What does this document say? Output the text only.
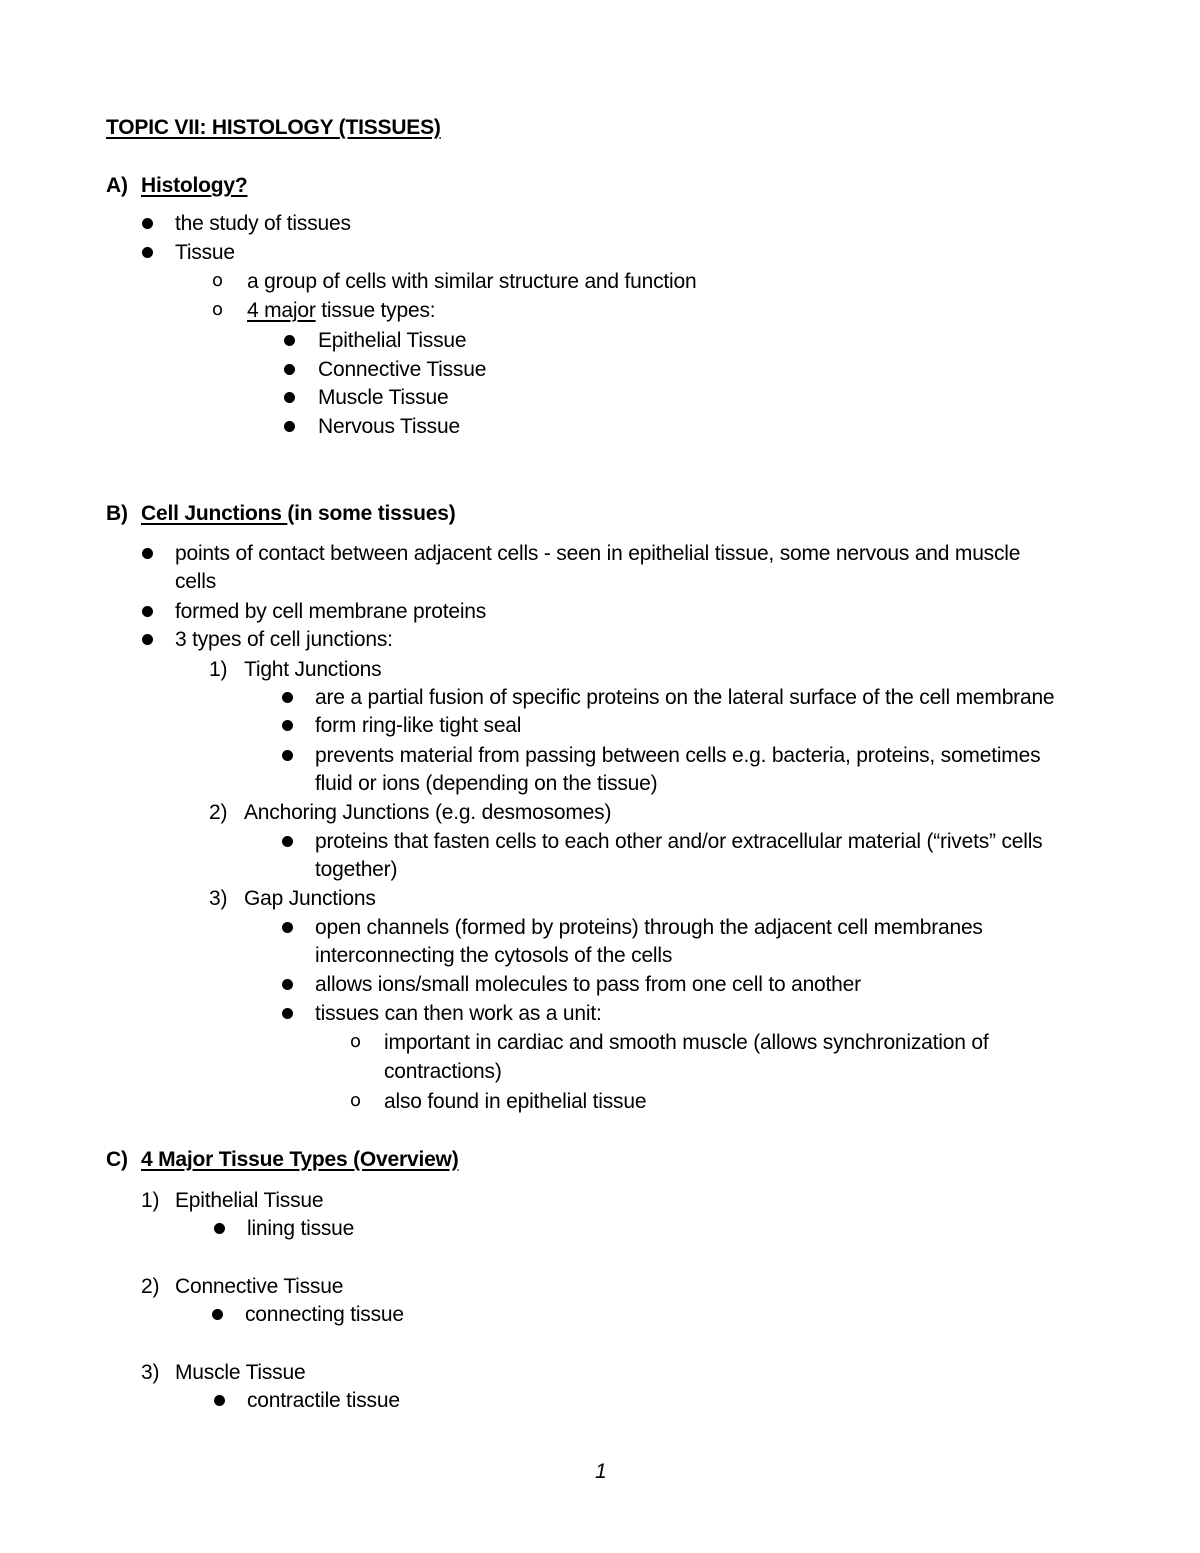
TOPIC VII: HISTOLOGY (TISSUES)
A) Histology?
the study of tissues
Tissue
o a group of cells with similar structure and function
o 4 major tissue types:
Epithelial Tissue
Connective Tissue
Muscle Tissue
Nervous Tissue
B) Cell Junctions (in some tissues)
points of contact between adjacent cells - seen in epithelial tissue, some nervous and muscle
cells
formed by cell membrane proteins
3 types of cell junctions:
1) Tight Junctions
are a partial fusion of specific proteins on the lateral surface of the cell membrane
form ring-like tight seal
prevents material from passing between cells e.g. bacteria, proteins, sometimes
fluid or ions (depending on the tissue)
2) Anchoring Junctions (e.g. desmosomes)
proteins that fasten cells to each other and/or extracellular material (“rivets” cells
together)
3) Gap Junctions
open channels (formed by proteins) through the adjacent cell membranes
interconnecting the cytosols of the cells
allows ions/small molecules to pass from one cell to another
tissues can then work as a unit:
o important in cardiac and smooth muscle (allows synchronization of
contractions)
o also found in epithelial tissue
C) 4 Major Tissue Types (Overview)
1) Epithelial Tissue
lining tissue
2) Connective Tissue
connecting tissue
3) Muscle Tissue
contractile tissue
1
